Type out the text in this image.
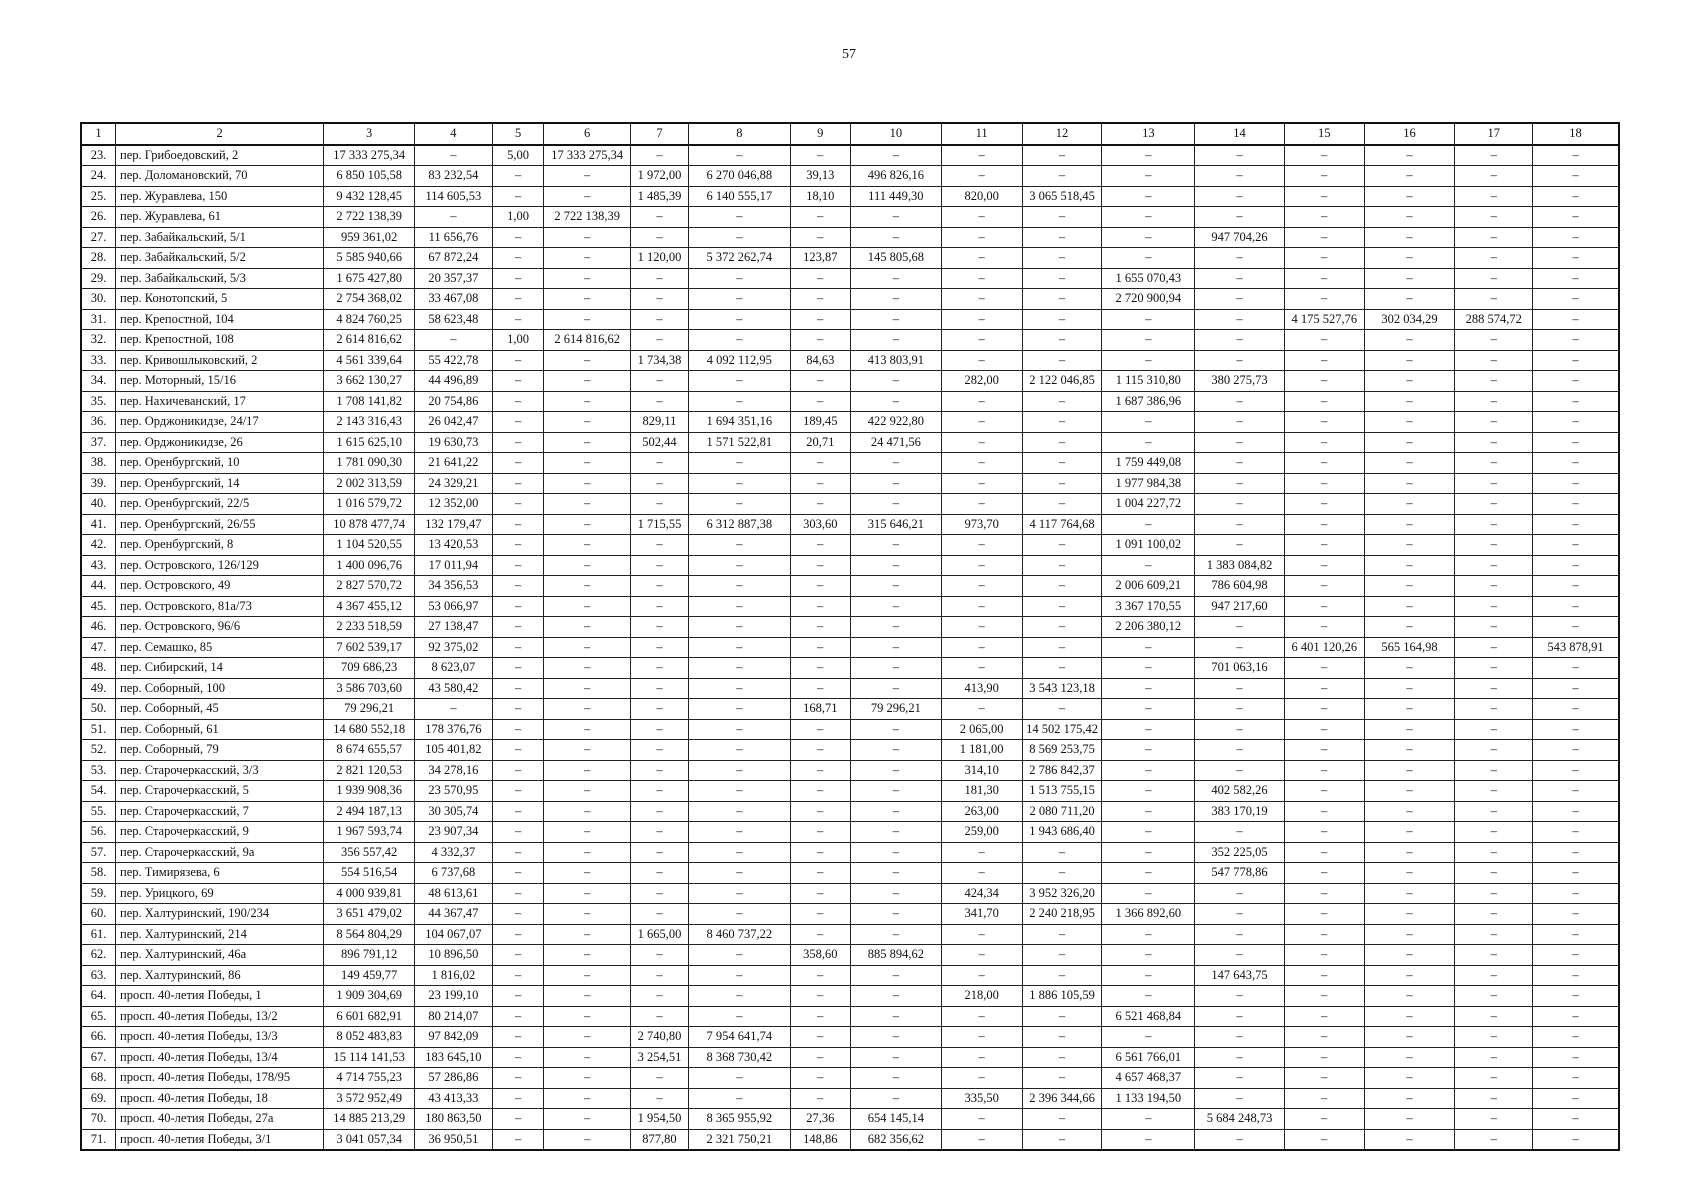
57
1	2	3	4	5	6	7	8	9	10	11	12	13	14	15	16	17	18
23.	пер. Грибоедовский, 2	17 333 275,34	–	5,00	17 333 275,34	–	–	–	–	–	–	–	–	–	–	–	–
24.	пер. Доломановский, 70	6 850 105,58	83 232,54	–	–	1 972,00	6 270 046,88	39,13	496 826,16	–	–	–	–	–	–	–	–
25.	пер. Журавлева, 150	9 432 128,45	114 605,53	–	–	1 485,39	6 140 555,17	18,10	111 449,30	820,00	3 065 518,45	–	–	–	–	–	–
26.	пер. Журавлева, 61	2 722 138,39	–	1,00	2 722 138,39	–	–	–	–	–	–	–	–	–	–	–	–
27.	пер. Забайкальский, 5/1	959 361,02	11 656,76	–	–	–	–	–	–	–	–	–	947 704,26	–	–	–	–
28.	пер. Забайкальский, 5/2	5 585 940,66	67 872,24	–	–	1 120,00	5 372 262,74	123,87	145 805,68	–	–	–	–	–	–	–	–
29.	пер. Забайкальский, 5/3	1 675 427,80	20 357,37	–	–	–	–	–	–	–	–	1 655 070,43	–	–	–	–	–
30.	пер. Конотопский, 5	2 754 368,02	33 467,08	–	–	–	–	–	–	–	–	2 720 900,94	–	–	–	–	–
31.	пер. Крепостной, 104	4 824 760,25	58 623,48	–	–	–	–	–	–	–	–	–	–	4 175 527,76	302 034,29	288 574,72	–
32.	пер. Крепостной, 108	2 614 816,62	–	1,00	2 614 816,62	–	–	–	–	–	–	–	–	–	–	–	–
33.	пер. Кривошлыковский, 2	4 561 339,64	55 422,78	–	–	1 734,38	4 092 112,95	84,63	413 803,91	–	–	–	–	–	–	–	–
34.	пер. Моторный, 15/16	3 662 130,27	44 496,89	–	–	–	–	–	–	282,00	2 122 046,85	1 115 310,80	380 275,73	–	–	–	–
35.	пер. Нахичеванский, 17	1 708 141,82	20 754,86	–	–	–	–	–	–	–	–	1 687 386,96	–	–	–	–	–
36.	пер. Орджоникидзе, 24/17	2 143 316,43	26 042,47	–	–	829,11	1 694 351,16	189,45	422 922,80	–	–	–	–	–	–	–	–
37.	пер. Орджоникидзе, 26	1 615 625,10	19 630,73	–	–	502,44	1 571 522,81	20,71	24 471,56	–	–	–	–	–	–	–	–
38.	пер. Оренбургский, 10	1 781 090,30	21 641,22	–	–	–	–	–	–	–	–	1 759 449,08	–	–	–	–	–
39.	пер. Оренбургский, 14	2 002 313,59	24 329,21	–	–	–	–	–	–	–	–	1 977 984,38	–	–	–	–	–
40.	пер. Оренбургский, 22/5	1 016 579,72	12 352,00	–	–	–	–	–	–	–	–	1 004 227,72	–	–	–	–	–
41.	пер. Оренбургский, 26/55	10 878 477,74	132 179,47	–	–	1 715,55	6 312 887,38	303,60	315 646,21	973,70	4 117 764,68	–	–	–	–	–	–
42.	пер. Оренбургский, 8	1 104 520,55	13 420,53	–	–	–	–	–	–	–	–	1 091 100,02	–	–	–	–	–
43.	пер. Островского, 126/129	1 400 096,76	17 011,94	–	–	–	–	–	–	–	–	–	1 383 084,82	–	–	–	–
44.	пер. Островского, 49	2 827 570,72	34 356,53	–	–	–	–	–	–	–	–	2 006 609,21	786 604,98	–	–	–	–
45.	пер. Островского, 81а/73	4 367 455,12	53 066,97	–	–	–	–	–	–	–	–	3 367 170,55	947 217,60	–	–	–	–
46.	пер. Островского, 96/6	2 233 518,59	27 138,47	–	–	–	–	–	–	–	–	2 206 380,12	–	–	–	–	–
47.	пер. Семашко, 85	7 602 539,17	92 375,02	–	–	–	–	–	–	–	–	–	–	6 401 120,26	565 164,98	–	543 878,91
48.	пер. Сибирский, 14	709 686,23	8 623,07	–	–	–	–	–	–	–	–	–	701 063,16	–	–	–	–
49.	пер. Соборный, 100	3 586 703,60	43 580,42	–	–	–	–	–	–	413,90	3 543 123,18	–	–	–	–	–	–
50.	пер. Соборный, 45	79 296,21	–	–	–	–	–	168,71	79 296,21	–	–	–	–	–	–	–	–
51.	пер. Соборный, 61	14 680 552,18	178 376,76	–	–	–	–	–	–	2 065,00	14 502 175,42	–	–	–	–	–	–
52.	пер. Соборный, 79	8 674 655,57	105 401,82	–	–	–	–	–	–	1 181,00	8 569 253,75	–	–	–	–	–	–
53.	пер. Старочеркасский, 3/3	2 821 120,53	34 278,16	–	–	–	–	–	–	314,10	2 786 842,37	–	–	–	–	–	–
54.	пер. Старочеркасский, 5	1 939 908,36	23 570,95	–	–	–	–	–	–	181,30	1 513 755,15	–	402 582,26	–	–	–	–
55.	пер. Старочеркасский, 7	2 494 187,13	30 305,74	–	–	–	–	–	–	263,00	2 080 711,20	–	383 170,19	–	–	–	–
56.	пер. Старочеркасский, 9	1 967 593,74	23 907,34	–	–	–	–	–	–	259,00	1 943 686,40	–	–	–	–	–	–
57.	пер. Старочеркасский, 9а	356 557,42	4 332,37	–	–	–	–	–	–	–	–	–	352 225,05	–	–	–	–
58.	пер. Тимирязева, 6	554 516,54	6 737,68	–	–	–	–	–	–	–	–	–	547 778,86	–	–	–	–
59.	пер. Урицкого, 69	4 000 939,81	48 613,61	–	–	–	–	–	–	424,34	3 952 326,20	–	–	–	–	–	–
60.	пер. Халтуринский, 190/234	3 651 479,02	44 367,47	–	–	–	–	–	–	341,70	2 240 218,95	1 366 892,60	–	–	–	–	–
61.	пер. Халтуринский, 214	8 564 804,29	104 067,07	–	–	1 665,00	8 460 737,22	–	–	–	–	–	–	–	–	–	–
62.	пер. Халтуринский, 46а	896 791,12	10 896,50	–	–	–	–	358,60	885 894,62	–	–	–	–	–	–	–	–
63.	пер. Халтуринский, 86	149 459,77	1 816,02	–	–	–	–	–	–	–	–	–	147 643,75	–	–	–	–
64.	просп. 40-летия Победы, 1	1 909 304,69	23 199,10	–	–	–	–	–	–	218,00	1 886 105,59	–	–	–	–	–	–
65.	просп. 40-летия Победы, 13/2	6 601 682,91	80 214,07	–	–	–	–	–	–	–	–	6 521 468,84	–	–	–	–	–
66.	просп. 40-летия Победы, 13/3	8 052 483,83	97 842,09	–	–	2 740,80	7 954 641,74	–	–	–	–	–	–	–	–	–	–
67.	просп. 40-летия Победы, 13/4	15 114 141,53	183 645,10	–	–	3 254,51	8 368 730,42	–	–	–	–	6 561 766,01	–	–	–	–	–
68.	просп. 40-летия Победы, 178/95	4 714 755,23	57 286,86	–	–	–	–	–	–	–	–	4 657 468,37	–	–	–	–	–
69.	просп. 40-летия Победы, 18	3 572 952,49	43 413,33	–	–	–	–	–	–	335,50	2 396 344,66	1 133 194,50	–	–	–	–	–
70.	просп. 40-летия Победы, 27а	14 885 213,29	180 863,50	–	–	1 954,50	8 365 955,92	27,36	654 145,14	–	–	–	5 684 248,73	–	–	–	–
71.	просп. 40-летия Победы, 3/1	3 041 057,34	36 950,51	–	–	877,80	2 321 750,21	148,86	682 356,62	–	–	–	–	–	–	–	–
